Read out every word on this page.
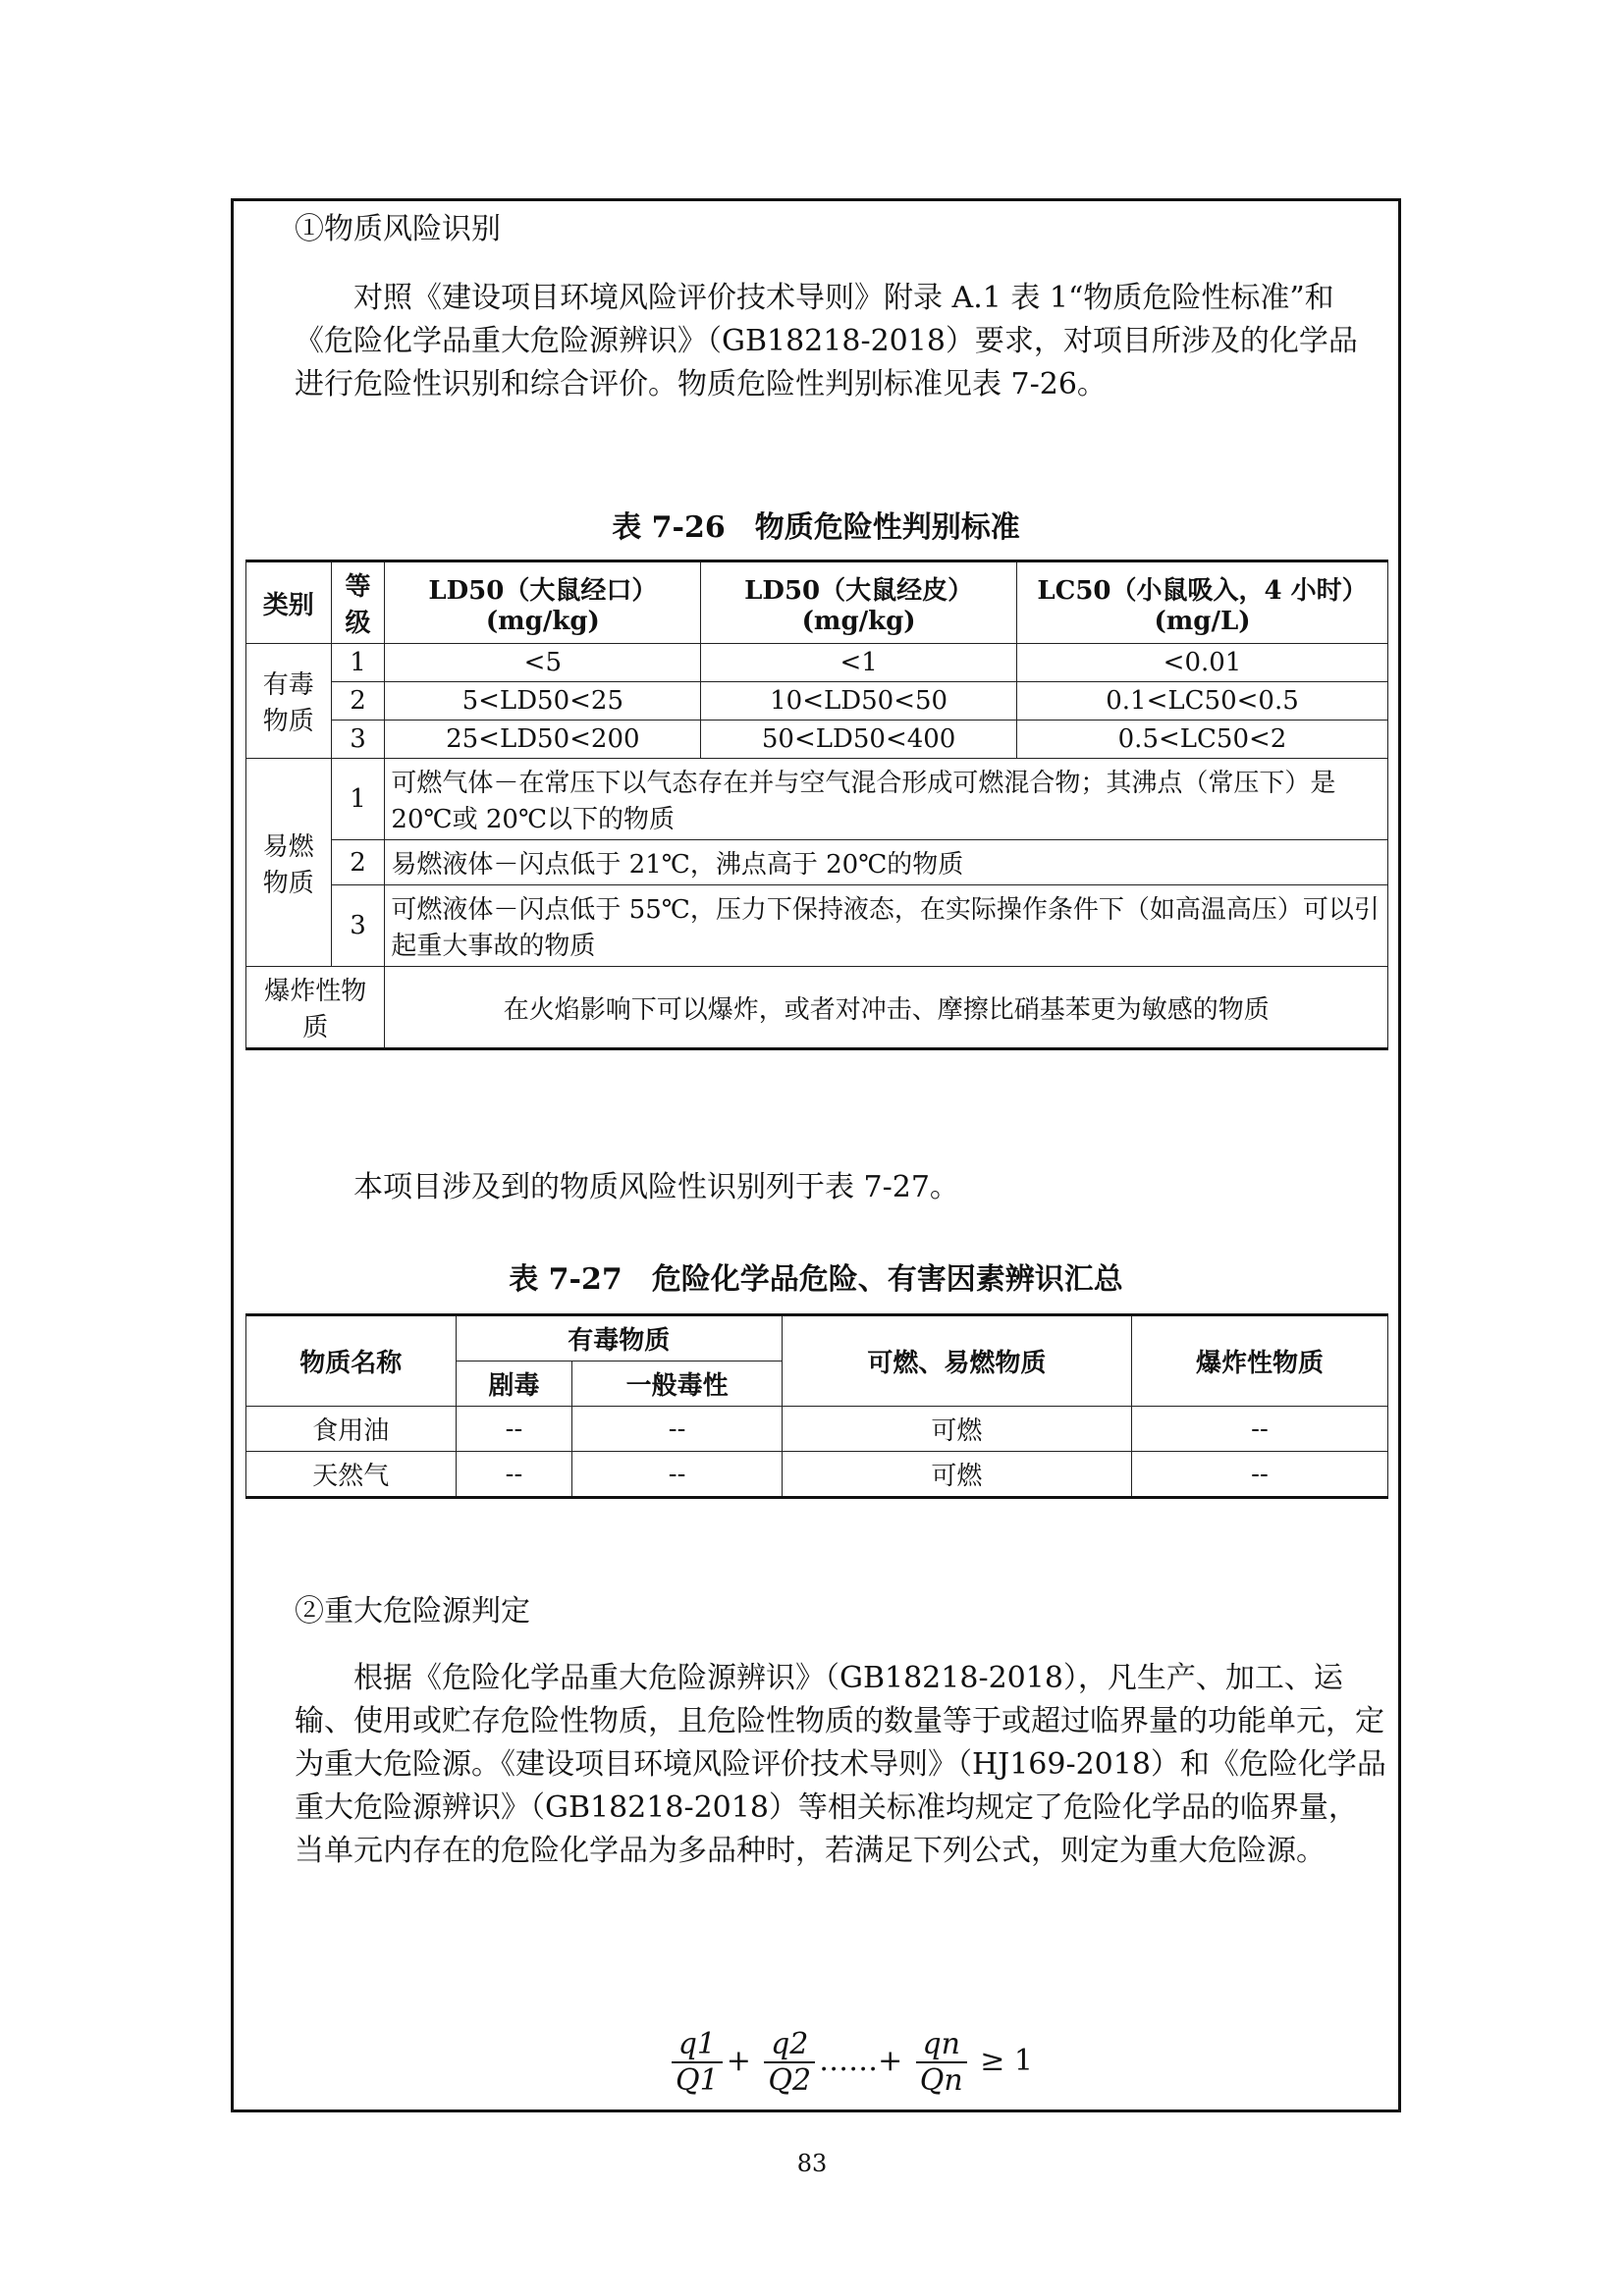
①物质风险识别
对照《建设项目环境风险评价技术导则》附录 A.1 表 1“物质危险性标准”和《危险化学品重大危险源辨识》（GB18218-2018）要求，对项目所涉及的化学品进行危险性识别和综合评价。物质危险性判别标准见表 7-26。
表 7-26　物质危险性判别标准
类别	等级	LD50（大鼠经口）(mg/kg)	LD50（大鼠经皮）(mg/kg)	LC50（小鼠吸入，4 小时）(mg/L)
有毒物质	1	<5	<1	<0.01
	2	5<LD50<25	10<LD50<50	0.1<LC50<0.5
	3	25<LD50<200	50<LD50<400	0.5<LC50<2
易燃物质	1	可燃气体－在常压下以气态存在并与空气混合形成可燃混合物；其沸点（常压下）是 20℃或 20℃以下的物质		
	2	易燃液体－闪点低于 21℃，沸点高于 20℃的物质		
	3	可燃液体－闪点低于 55℃，压力下保持液态，在实际操作条件下（如高温高压）可以引起重大事故的物质		
爆炸性物质		在火焰影响下可以爆炸，或者对冲击、摩擦比硝基苯更为敏感的物质		
本项目涉及到的物质风险性识别列于表 7-27。
表 7-27　危险化学品危险、有害因素辨识汇总
物质名称	有毒物质		可燃、易燃物质	爆炸性物质
	剧毒	一般毒性		
食用油	--	--	可燃	--
天然气	--	--	可燃	--
②重大危险源判定
根据《危险化学品重大危险源辨识》（GB18218-2018），凡生产、加工、运输、使用或贮存危险性物质，且危险性物质的数量等于或超过临界量的功能单元，定为重大危险源。《建设项目环境风险评价技术导则》（HJ169-2018）和《危险化学品重大危险源辨识》（GB18218-2018）等相关标准均规定了危险化学品的临界量，当单元内存在的危险化学品为多品种时，若满足下列公式，则定为重大危险源。
$\frac{q1}{Q1} + \frac{q2}{Q2}$ ……+ $\frac{qn}{Qn} \ge 1$
83
